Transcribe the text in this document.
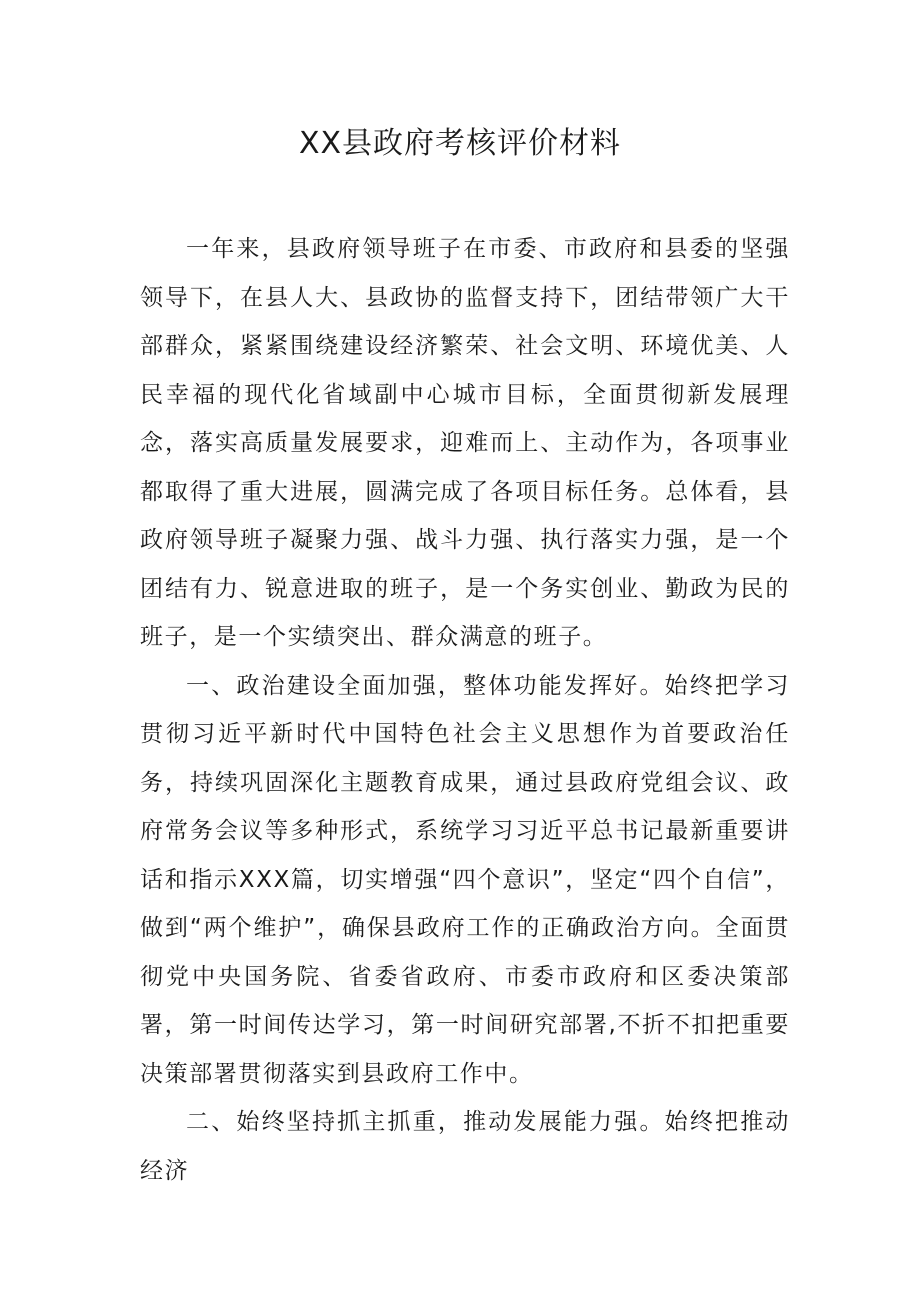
XX县政府考核评价材料

一年来，县政府领导班子在市委、市政府和县委的坚强领导下，在县人大、县政协的监督支持下，团结带领广大干部群众，紧紧围绕建设经济繁荣、社会文明、环境优美、人民幸福的现代化省域副中心城市目标，全面贯彻新发展理念，落实高质量发展要求，迎难而上、主动作为，各项事业都取得了重大进展，圆满完成了各项目标任务。总体看，县政府领导班子凝聚力强、战斗力强、执行落实力强，是一个团结有力、锐意进取的班子，是一个务实创业、勤政为民的班子，是一个实绩突出、群众满意的班子。

一、政治建设全面加强，整体功能发挥好。始终把学习贯彻习近平新时代中国特色社会主义思想作为首要政治任务，持续巩固深化主题教育成果，通过县政府党组会议、政府常务会议等多种形式，系统学习习近平总书记最新重要讲话和指示XXX篇，切实增强“四个意识”，坚定“四个自信”，做到“两个维护”，确保县政府工作的正确政治方向。全面贯彻党中央国务院、省委省政府、市委市政府和区委决策部署，第一时间传达学习，第一时间研究部署,不折不扣把重要决策部署贯彻落实到县政府工作中。

二、始终坚持抓主抓重，推动发展能力强。始终把推动经济
